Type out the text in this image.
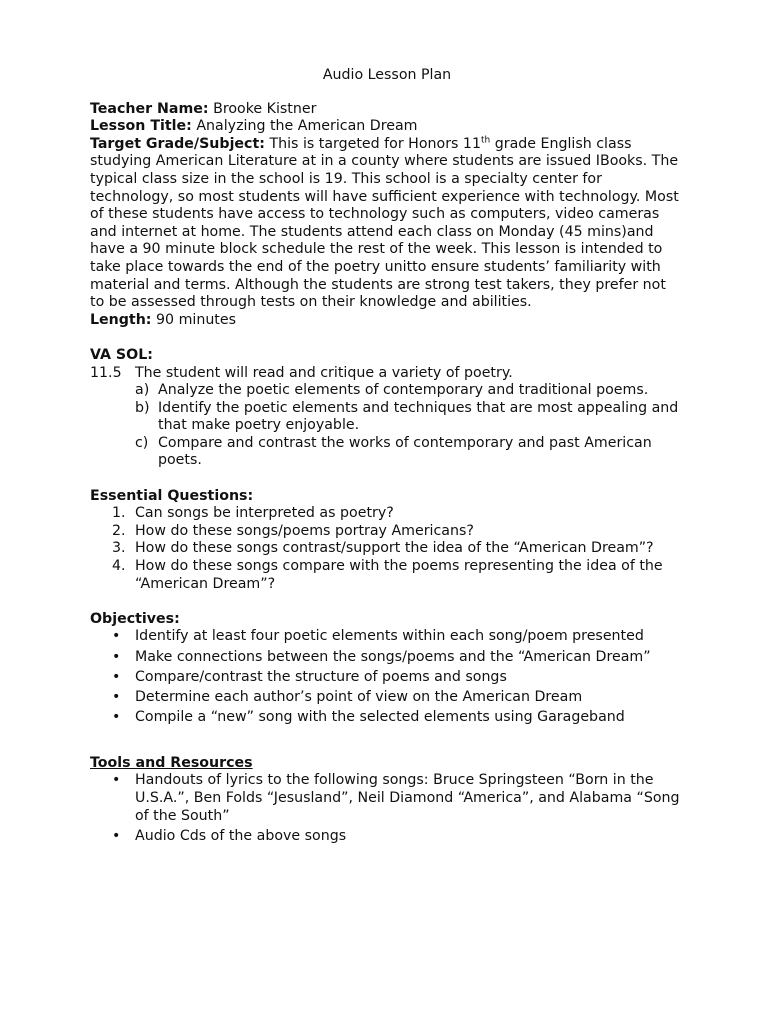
Audio Lesson Plan

Teacher Name: Brooke Kistner

Lesson Title: Analyzing the American Dream

Target Grade/Subject: This is targeted for Honors 11th grade English class studying American Literature at in a county where students are issued IBooks. The typical class size in the school is 19. This school is a specialty center for technology, so most students will have sufficient experience with technology. Most of these students have access to technology such as computers, video cameras and internet at home. The students attend each class on Monday (45 mins)and have a 90 minute block schedule the rest of the week. This lesson is intended to take place towards the end of the poetry unitto ensure students’ familiarity with material and terms. Although the students are strong test takers, they prefer not to be assessed through tests on their knowledge and abilities.

Length: 90 minutes

VA SOL:

11.5 The student will read and critique a variety of poetry.
a) Analyze the poetic elements of contemporary and traditional poems.
b) Identify the poetic elements and techniques that are most appealing and that make poetry enjoyable.
c) Compare and contrast the works of contemporary and past American poets.

Essential Questions:

1. Can songs be interpreted as poetry?
2. How do these songs/poems portray Americans?
3. How do these songs contrast/support the idea of the “American Dream”?
4. How do these songs compare with the poems representing the idea of the “American Dream”?

Objectives:

•	Identify at least four poetic elements within each song/poem presented
•	Make connections between the songs/poems and the “American Dream”
•	Compare/contrast the structure of poems and songs
•	Determine each author’s point of view on the American Dream
•	Compile a “new” song with the selected elements using Garageband

Tools and Resources

•	Handouts of lyrics to the following songs: Bruce Springsteen “Born in the U.S.A.”, Ben Folds “Jesusland”, Neil Diamond “America”, and Alabama “Song of the South”
•	Audio Cds of the above songs
